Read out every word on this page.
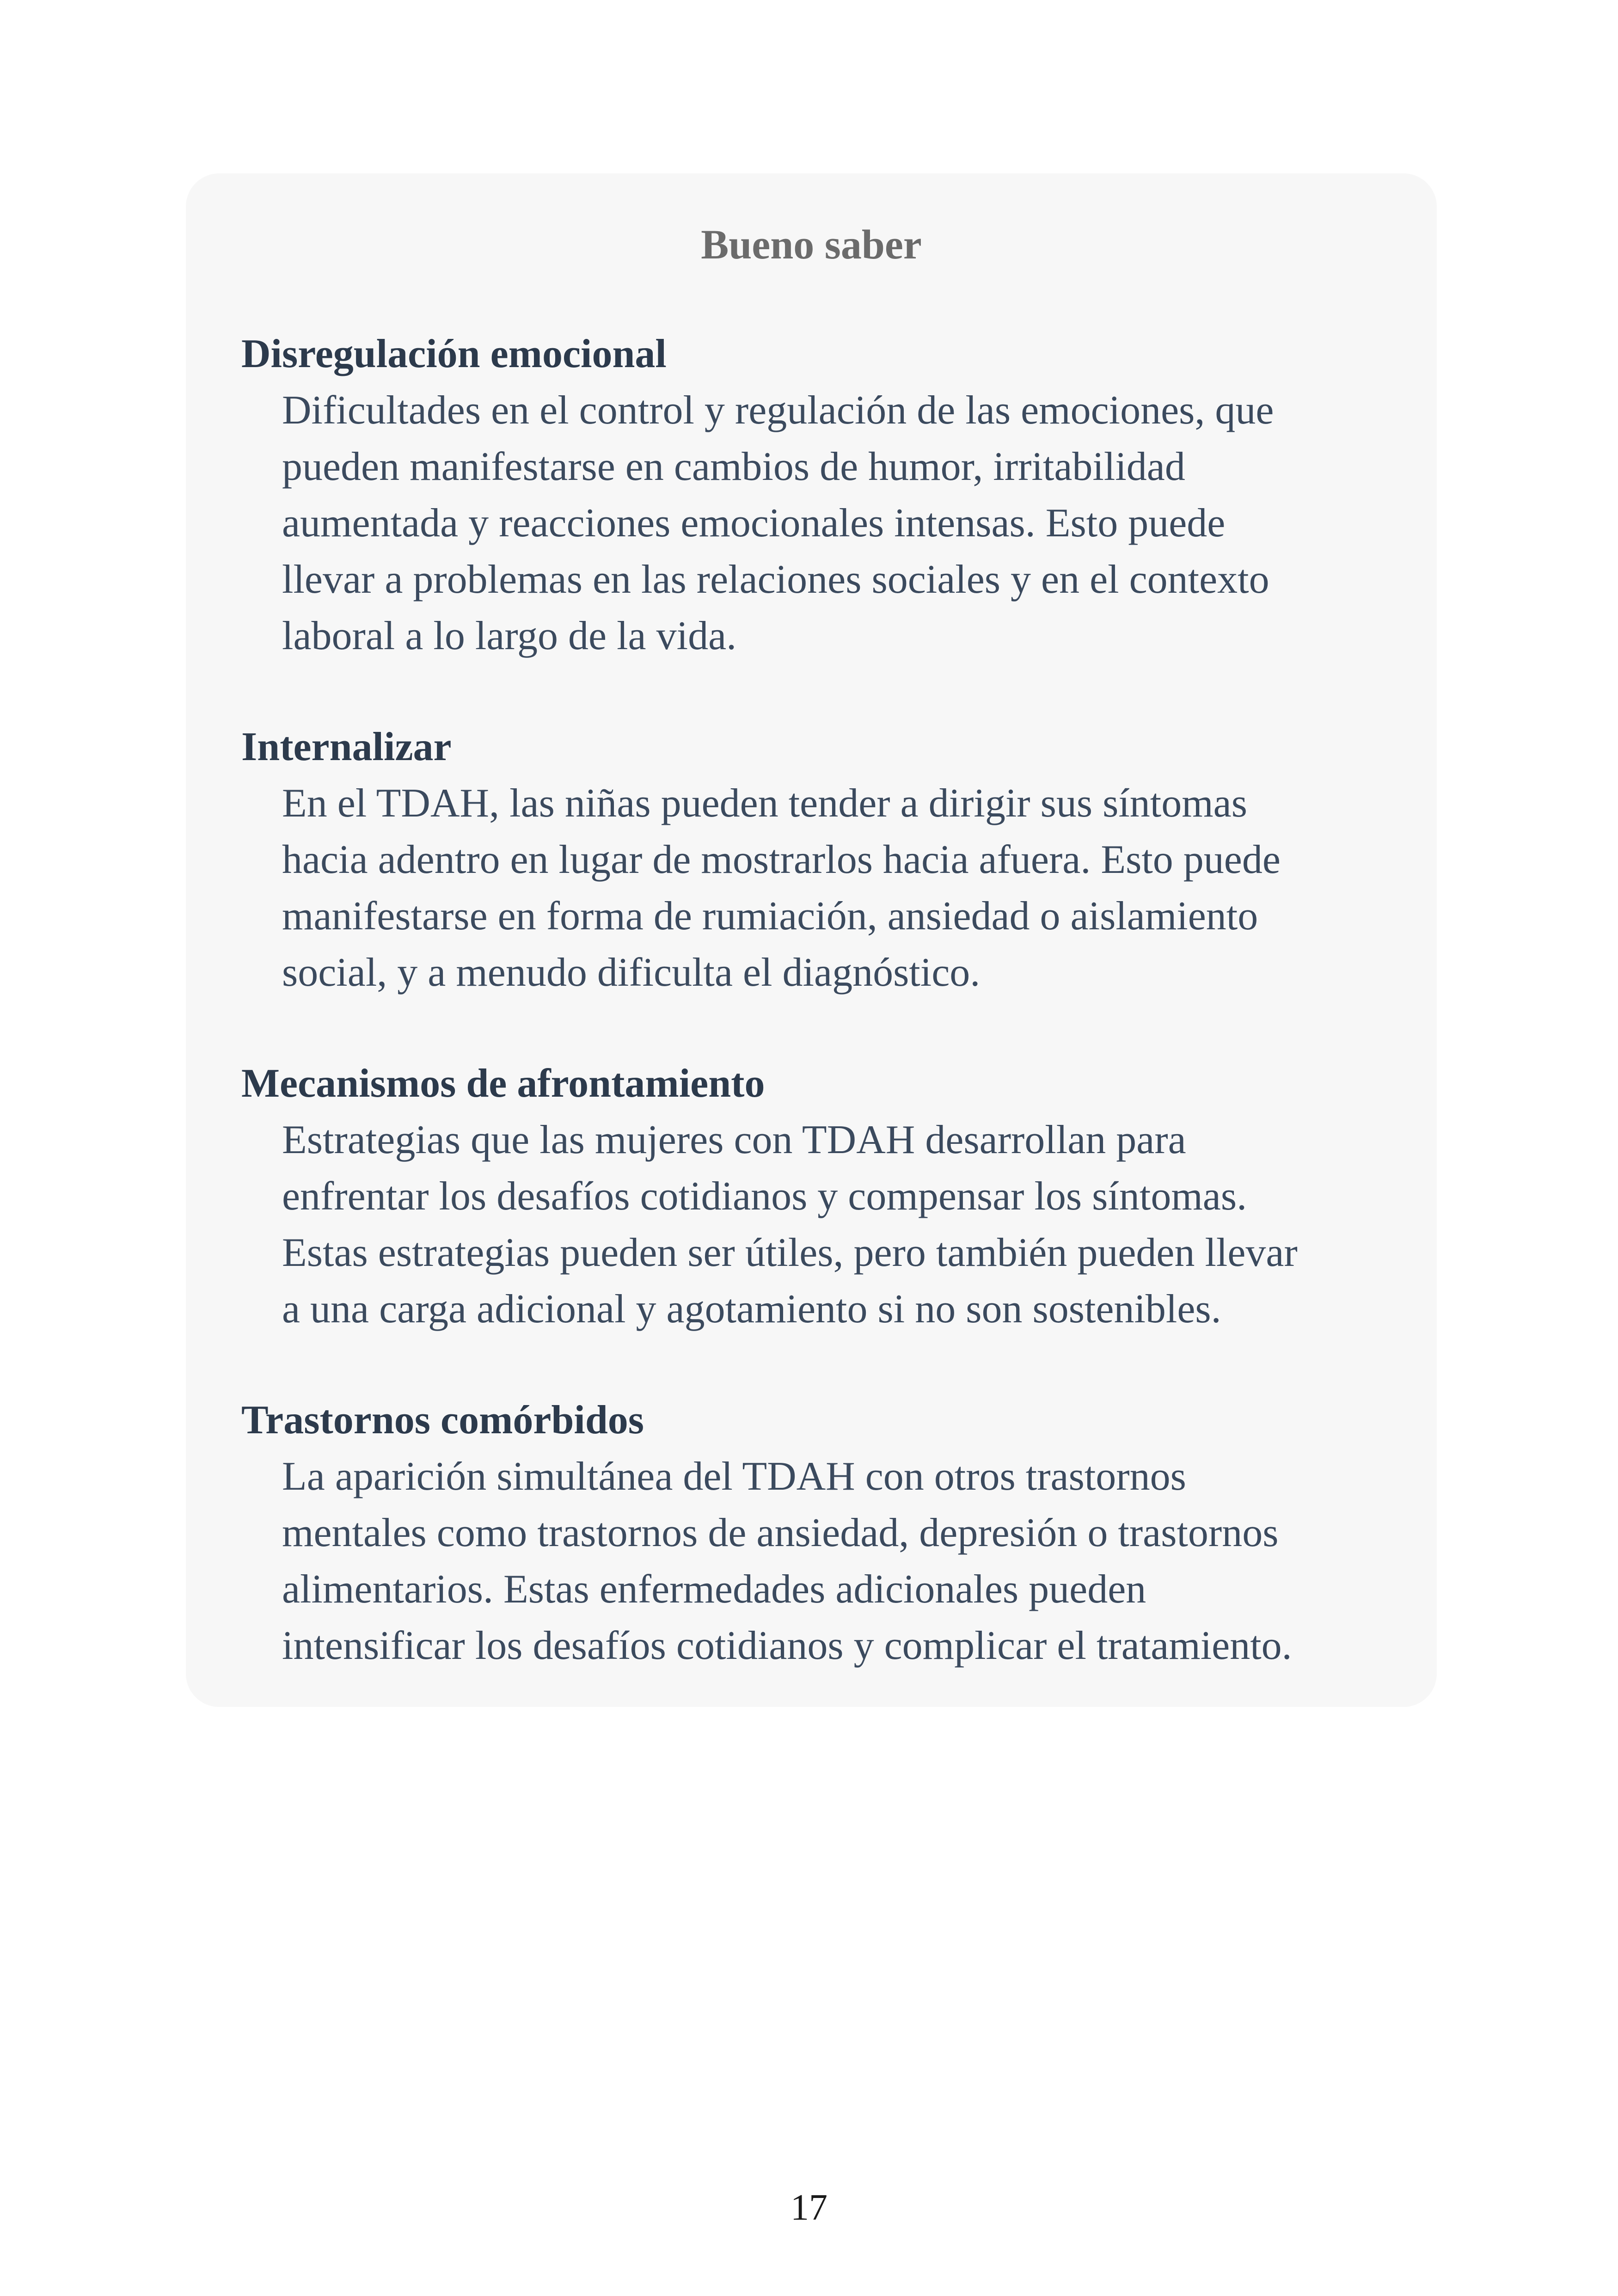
Bueno saber

Disregulación emocional

Dificultades en el control y regulación de las emociones, que
pueden manifestarse en cambios de humor, irritabilidad
aumentada y reacciones emocionales intensas. Esto puede
llevar a problemas en las relaciones sociales y en el contexto
laboral a lo largo de la vida.

Internalizar

En el TDAH, las niñas pueden tender a dirigir sus síntomas
hacia adentro en lugar de mostrarlos hacia afuera. Esto puede
manifestarse en forma de rumiación, ansiedad o aislamiento
social, y a menudo dificulta el diagnóstico.

Mecanismos de afrontamiento

Estrategias que las mujeres con TDAH desarrollan para
enfrentar los desafíos cotidianos y compensar los síntomas.
Estas estrategias pueden ser útiles, pero también pueden llevar
a una carga adicional y agotamiento si no son sostenibles.

Trastornos comórbidos

La aparición simultánea del TDAH con otros trastornos
mentales como trastornos de ansiedad, depresión o trastornos
alimentarios. Estas enfermedades adicionales pueden
intensificar los desafíos cotidianos y complicar el tratamiento.

17
